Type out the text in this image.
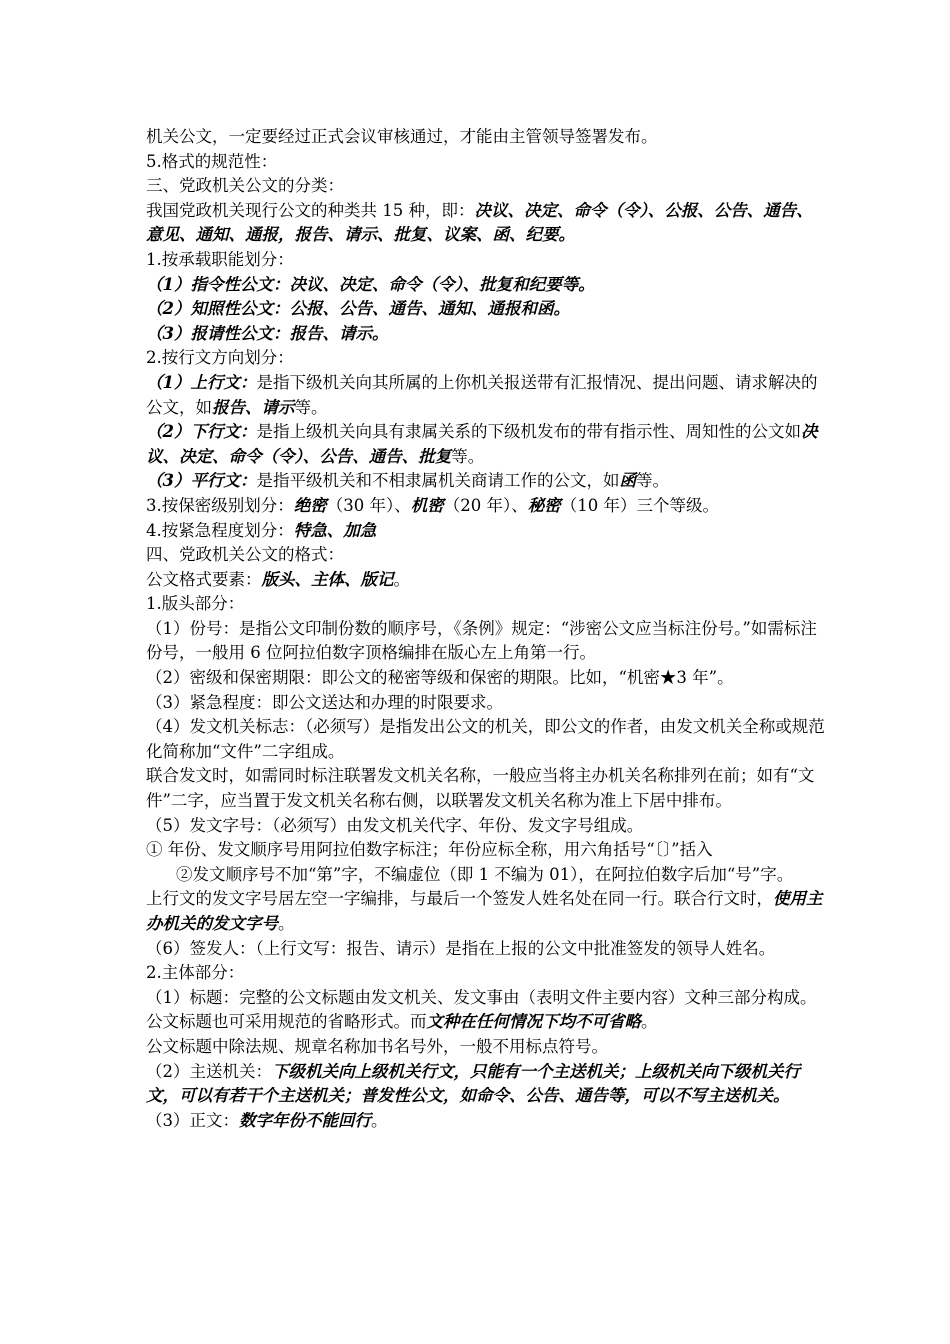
机关公文，一定要经过正式会议审核通过，才能由主管领导签署发布。

5.格式的规范性：

三、党政机关公文的分类：

我国党政机关现行公文的种类共 15 种，即：决议、决定、命令（令）、公报、公告、通告、意见、通知、通报，报告、请示、批复、议案、函、纪要。

1.按承载职能划分：

（1）指令性公文：决议、决定、命令（令）、批复和纪要等。

（2）知照性公文：公报、公告、通告、通知、通报和函。

（3）报请性公文：报告、请示。

2.按行文方向划分：

（1）上行文：是指下级机关向其所属的上你机关报送带有汇报情况、提出问题、请求解决的公文，如报告、请示等。

（2）下行文：是指上级机关向具有隶属关系的下级机发布的带有指示性、周知性的公文如决议、决定、命令（令）、公告、通告、批复等。

（3）平行文：是指平级机关和不相隶属机关商请工作的公文，如函等。

3.按保密级别划分：绝密（30 年）、机密（20 年）、秘密（10 年）三个等级。

4.按紧急程度划分：特急、加急

四、党政机关公文的格式：

公文格式要素：版头、主体、版记。

1.版头部分：

（1）份号：是指公文印制份数的顺序号，《条例》规定：“涉密公文应当标注份号。”如需标注份号，一般用 6 位阿拉伯数字顶格编排在版心左上角第一行。

（2）密级和保密期限：即公文的秘密等级和保密的期限。比如，“机密★3 年”。

（3）紧急程度：即公文送达和办理的时限要求。

（4）发文机关标志：（必须写）是指发出公文的机关，即公文的作者，由发文机关全称或规范化简称加“文件”二字组成。

联合发文时，如需同时标注联署发文机关名称，一般应当将主办机关名称排列在前；如有“文件”二字，应当置于发文机关名称右侧，以联署发文机关名称为准上下居中排布。

（5）发文字号：（必须写）由发文机关代字、年份、发文字号组成。

① 年份、发文顺序号用阿拉伯数字标注；年份应标全称，用六角括号“〔〕”括入

②发文顺序号不加“第”字，不编虚位（即 1 不编为 01），在阿拉伯数字后加“号”字。

上行文的发文字号居左空一字编排，与最后一个签发人姓名处在同一行。联合行文时，使用主办机关的发文字号。

（6）签发人：（上行文写：报告、请示）是指在上报的公文中批准签发的领导人姓名。

2.主体部分：

（1）标题：完整的公文标题由发文机关、发文事由（表明文件主要内容）文种三部分构成。公文标题也可采用规范的省略形式。而文种在任何情况下均不可省略。

公文标题中除法规、规章名称加书名号外，一般不用标点符号。

（2）主送机关：下级机关向上级机关行文，只能有一个主送机关；上级机关向下级机关行文，可以有若干个主送机关；普发性公文，如命令、公告、通告等，可以不写主送机关。

（3）正文：数字年份不能回行。
